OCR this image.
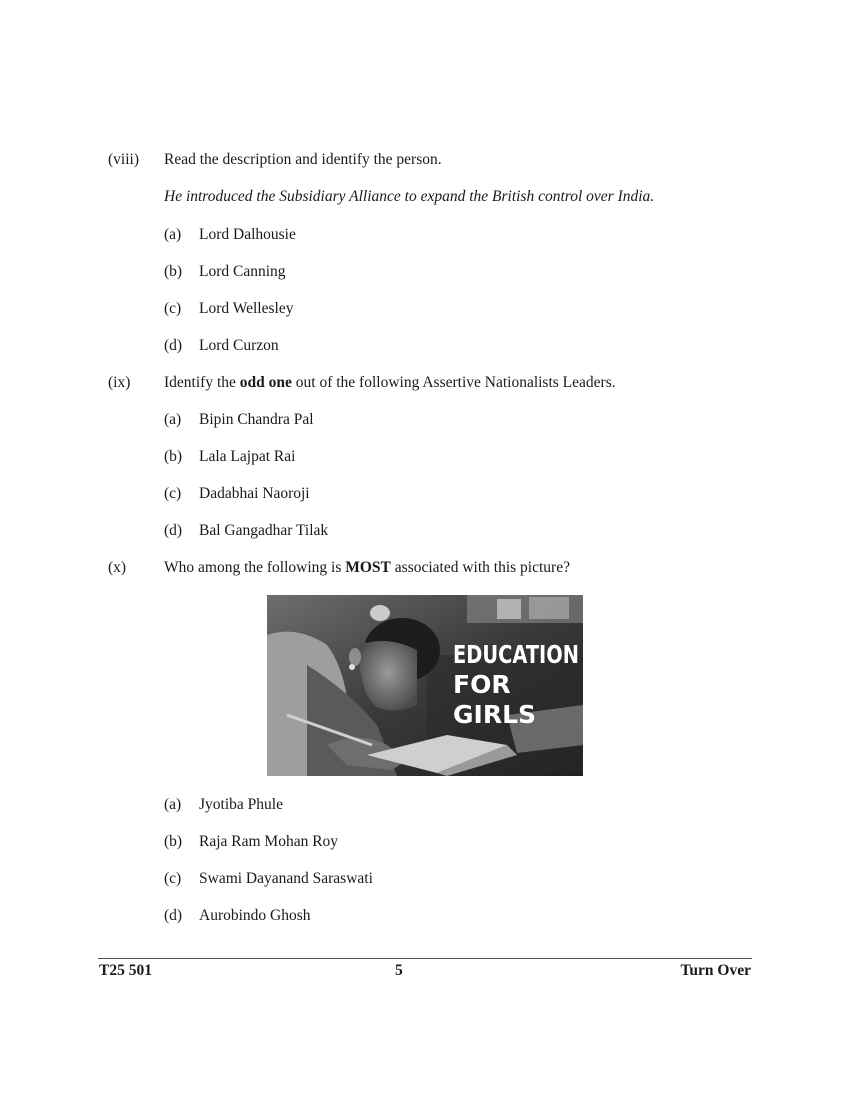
(viii) Read the description and identify the person.
He introduced the Subsidiary Alliance to expand the British control over India.
(a) Lord Dalhousie
(b) Lord Canning
(c) Lord Wellesley
(d) Lord Curzon
(ix) Identify the odd one out of the following Assertive Nationalists Leaders.
(a) Bipin Chandra Pal
(b) Lala Lajpat Rai
(c) Dadabhai Naoroji
(d) Bal Gangadhar Tilak
(x) Who among the following is MOST associated with this picture?
EDUCATION
FOR
GIRLS
(a) Jyotiba Phule
(b) Raja Ram Mohan Roy
(c) Swami Dayanand Saraswati
(d) Aurobindo Ghosh
T25 501	5	Turn Over
